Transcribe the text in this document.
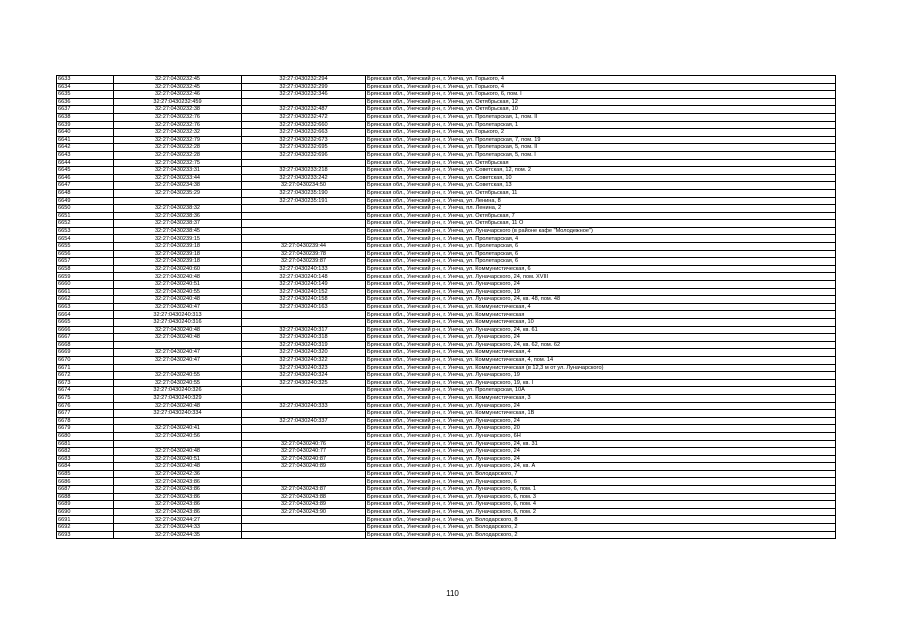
6633	32:27:0430232:45	32:27:0430232:294	Брянская обл., Унечский р-н, г. Унеча, ул. Горького, 4
6634	32:27:0430232:45	32:27:0430232:299	Брянская обл., Унечский р-н, г. Унеча, ул. Горького, 4
6635	32:27:0430232:46	32:27:0430232:346	Брянская обл., Унечский р-н, г. Унеча, ул. Горького, 6, пом. I
6636	32:27:0430232:459		Брянская обл., Унечский р-н, г. Унеча, ул. Октябрьская, 12
6637	32:27:0430232:38	32:27:0430232:487	Брянская обл., Унечский р-н, г. Унеча, ул. Октябрьская, 10
6638	32:27:0430232:76	32:27:0430232:472	Брянская обл., Унечский р-н, г. Унеча, ул. Пролетарская, 1, пом. II
6639	32:27:0430232:76	32:27:0430232:660	Брянская обл., Унечский р-н, г. Унеча, ул. Пролетарская, 1
6640	32:27:0430232:32	32:27:0430232:663	Брянская обл., Унечский р-н, г. Унеча, ул. Горького, 2
6641	32:27:0430232:79	32:27:0430232:673	Брянская обл., Унечский р-н, г. Унеча, ул. Пролетарская, 7, пом. 19
6642	32:27:0430232:28	32:27:0430232:695	Брянская обл., Унечский р-н, г. Унеча, ул. Пролетарская, 5, пом. II
6643	32:27:0430232:28	32:27:0430232:696	Брянская обл., Унечский р-н, г. Унеча, ул. Пролетарская, 5, пом. I
6644	32:27:0430232:75		Брянская обл., Унечский р-н, г. Унеча, ул. Октябрьская
6645	32:27:0430233:31	32:27:0430233:218	Брянская обл., Унечский р-н, г. Унеча, ул. Советская, 12, пом. 2
6646	32:27:0430233:44	32:27:0430233:242	Брянская обл., Унечский р-н, г. Унеча, ул. Советская, 10
6647	32:27:0430234:38	32:27:0430234:50	Брянская обл., Унечский р-н, г. Унеча, ул. Советская, 13
6648	32:27:0430235:29	32:27:0430235:190	Брянская обл., Унечский р-н, г. Унеча, ул. Октябрьская, 11
6649		32:27:0430235:191	Брянская обл., Унечский р-н, г. Унеча, ул. Ленина, 8
6650	32:27:0430238:32		Брянская обл., Унечский р-н, г. Унеча, пл. Ленина, 2
6651	32:27:0430238:36		Брянская обл., Унечский р-н, г. Унеча, ул. Октябрьская, 7
6652	32:27:0430238:37		Брянская обл., Унечский р-н, г. Унеча, ул. Октябрьская, 11 О
6653	32:27:0430238:45		Брянская обл., Унечский р-н, г. Унеча, ул. Луначарского (в районе кафе "Молодежное")
6654	32:27:0430239:15		Брянская обл., Унечский р-н, г. Унеча, ул. Пролетарская, 4
6655	32:27:0430239:18	32:27:0430239:44	Брянская обл., Унечский р-н, г. Унеча, ул. Пролетарская, 6
6656	32:27:0430239:18	32:27:0430239:78	Брянская обл., Унечский р-н, г. Унеча, ул. Пролетарская, 6
6657	32:27:0430239:18	32:27:0430239:87	Брянская обл., Унечский р-н, г. Унеча, ул. Пролетарская, 6
6658	32:27:0430240:60	32:27:0430240:133	Брянская обл., Унечский р-н, г. Унеча, ул. Коммунистическая, 6
6659	32:27:0430240:48	32:27:0430240:148	Брянская обл., Унечский р-н, г. Унеча, ул. Луначарского, 24, пом. XVIII
6660	32:27:0430240:51	32:27:0430240:149	Брянская обл., Унечский р-н, г. Унеча, ул. Луначарского, 24
6661	32:27:0430240:55	32:27:0430240:152	Брянская обл., Унечский р-н, г. Унеча, ул. Луначарского, 19
6662	32:27:0430240:48	32:27:0430240:158	Брянская обл., Унечский р-н, г. Унеча, ул. Луначарского, 24, кв. 48, пом. 48
6663	32:27:0430240:47	32:27:0430240:163	Брянская обл., Унечский р-н, г. Унеча, ул. Коммунистическая, 4
6664	32:27:0430240:313		Брянская обл., Унечский р-н, г. Унеча, ул. Коммунистическая
6665	32:27:0430240:316		Брянская обл., Унечский р-н, г. Унеча, ул. Коммунистическая, 10
6666	32:27:0430240:48	32:27:0430240:317	Брянская обл., Унечский р-н, г. Унеча, ул. Луначарского, 24, кв. 61
6667	32:27:0430240:48	32:27:0430240:318	Брянская обл., Унечский р-н, г. Унеча, ул. Луначарского, 24
6668		32:27:0430240:319	Брянская обл., Унечский р-н, г. Унеча, ул. Луначарского, 24, кв. 62, пом. 62
6669	32:27:0430240:47	32:27:0430240:320	Брянская обл., Унечский р-н, г. Унеча, ул. Коммунистическая, 4
6670	32:27:0430240:47	32:27:0430240:322	Брянская обл., Унечский р-н, г. Унеча, ул. Коммунистическая, 4, пом. 14
6671		32:27:0430240:323	Брянская обл., Унечский р-н, г. Унеча, ул. Коммунистическая (в 12,3 м от ул. Луначарского)
6672	32:27:0430240:55	32:27:0430240:324	Брянская обл., Унечский р-н, г. Унеча, ул. Луначарского, 19
6673	32:27:0430240:55	32:27:0430240:325	Брянская обл., Унечский р-н, г. Унеча, ул. Луначарского, 19, кв. I
6674	32:27:0430240:326		Брянская обл., Унечский р-н, г. Унеча, ул. Пролетарская, 10А
6675	32:27:0430240:329		Брянская обл., Унечский р-н, г. Унеча, ул. Коммунистическая, 3
6676	32:27:0430240:48	32:27:0430240:333	Брянская обл., Унечский р-н, г. Унеча, ул. Луначарского, 24
6677	32:27:0430240:334		Брянская обл., Унечский р-н, г. Унеча, ул. Коммунистическая, 1В
6678		32:27:0430240:337	Брянская обл., Унечский р-н, г. Унеча, ул. Луначарского, 24
6679	32:27:0430240:41		Брянская обл., Унечский р-н, г. Унеча, ул. Луначарского, 20
6680	32:27:0430240:56		Брянская обл., Унечский р-н, г. Унеча, ул. Луначарского, 6Н
6681		32:27:0430240:76	Брянская обл., Унечский р-н, г. Унеча, ул. Луначарского, 24, кв. 31
6682	32:27:0430240:48	32:27:0430240:77	Брянская обл., Унечский р-н, г. Унеча, ул. Луначарского, 24
6683	32:27:0430240:51	32:27:0430240:87	Брянская обл., Унечский р-н, г. Унеча, ул. Луначарского, 24
6684	32:27:0430240:48	32:27:0430240:89	Брянская обл., Унечский р-н, г. Унеча, ул. Луначарского, 24, кв. А
6685	32:27:0430242:36		Брянская обл., Унечский р-н, г. Унеча, ул. Володарского, 7
6686	32:27:0430243:86		Брянская обл., Унечский р-н, г. Унеча, ул. Луначарского, 6
6687	32:27:0430243:86	32:27:0430243:87	Брянская обл., Унечский р-н, г. Унеча, ул. Луначарского, 6, пом. 1
6688	32:27:0430243:86	32:27:0430243:88	Брянская обл., Унечский р-н, г. Унеча, ул. Луначарского, 6, пом. 3
6689	32:27:0430243:86	32:27:0430243:89	Брянская обл., Унечский р-н, г. Унеча, ул. Луначарского, 6, пом. 4
6690	32:27:0430243:86	32:27:0430243:90	Брянская обл., Унечский р-н, г. Унеча, ул. Луначарского, 6, пом. 2
6691	32:27:0430244:27		Брянская обл., Унечский р-н, г. Унеча, ул. Володарского, 8
6692	32:27:0430244:33		Брянская обл., Унечский р-н, г. Унеча, ул. Володарского, 2
6693	32:27:0430244:35		Брянская обл., Унечский р-н, г. Унеча, ул. Володарского, 2
110
